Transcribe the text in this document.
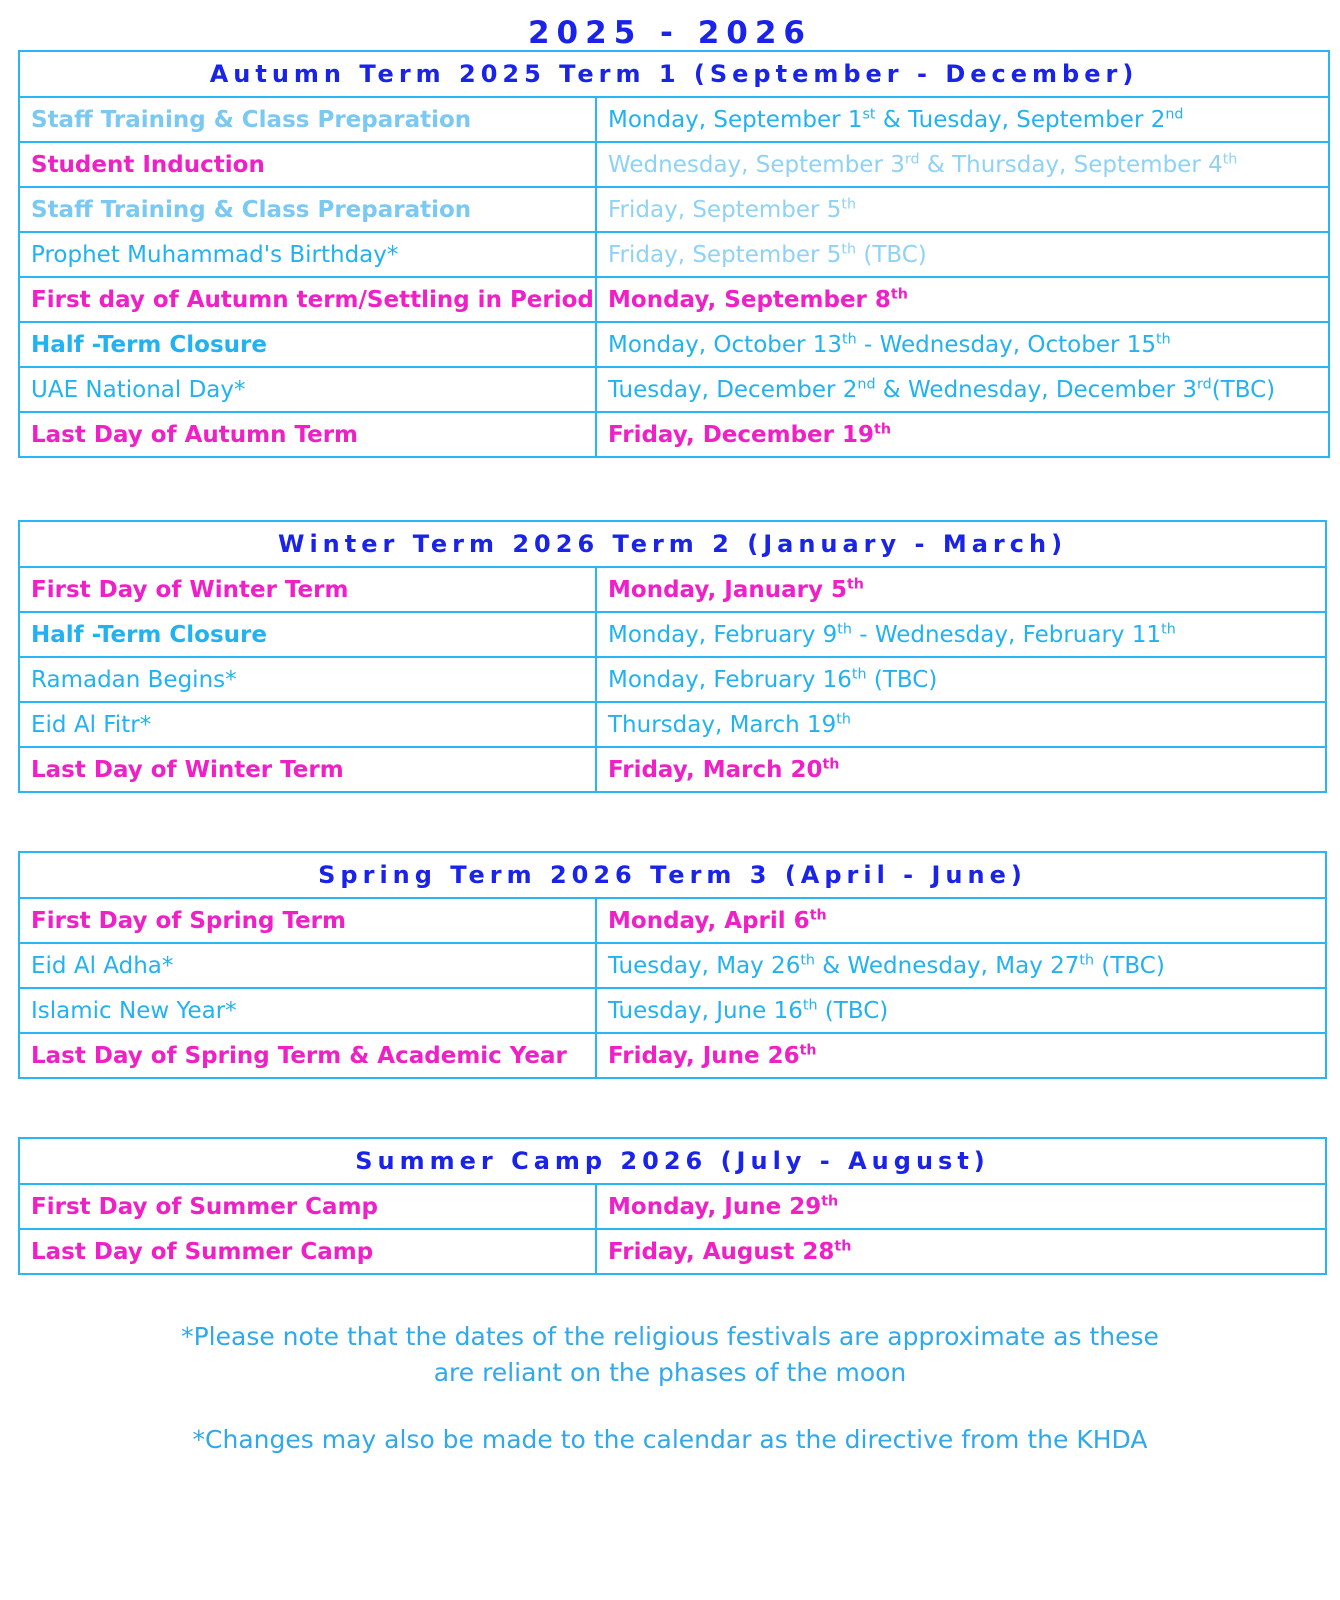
2025 - 2026
Autumn Term 2025 Term 1 (September - December)	
Staff Training & Class Preparation	Monday, September 1st & Tuesday, September 2nd
Student Induction	Wednesday, September 3rd & Thursday, September 4th
Staff Training & Class Preparation	Friday, September 5th
Prophet Muhammad's Birthday*	Friday, September 5th (TBC)
First day of Autumn term/Settling in Period	Monday, September 8th
Half -Term Closure	Monday, October 13th - Wednesday, October 15th
UAE National Day*	Tuesday, December 2nd & Wednesday, December 3rd(TBC)
Last Day of Autumn Term	Friday, December 19th
Winter Term 2026 Term 2 (January - March)	
First Day of Winter Term	Monday, January 5th
Half -Term Closure	Monday, February 9th - Wednesday, February 11th
Ramadan Begins*	Monday, February 16th (TBC)
Eid Al Fitr*	Thursday, March 19th
Last Day of Winter Term	Friday, March 20th
Spring Term 2026 Term 3 (April - June)	
First Day of Spring Term	Monday, April 6th
Eid Al Adha*	Tuesday, May 26th & Wednesday, May 27th (TBC)
Islamic New Year*	Tuesday, June 16th (TBC)
Last Day of Spring Term & Academic Year	Friday, June 26th
Summer Camp 2026 (July - August)	
First Day of Summer Camp	Monday, June 29th
Last Day of Summer Camp	Friday, August 28th
*Please note that the dates of the religious festivals are approximate as these are reliant on the phases of the moon
*Changes may also be made to the calendar as the directive from the KHDA
